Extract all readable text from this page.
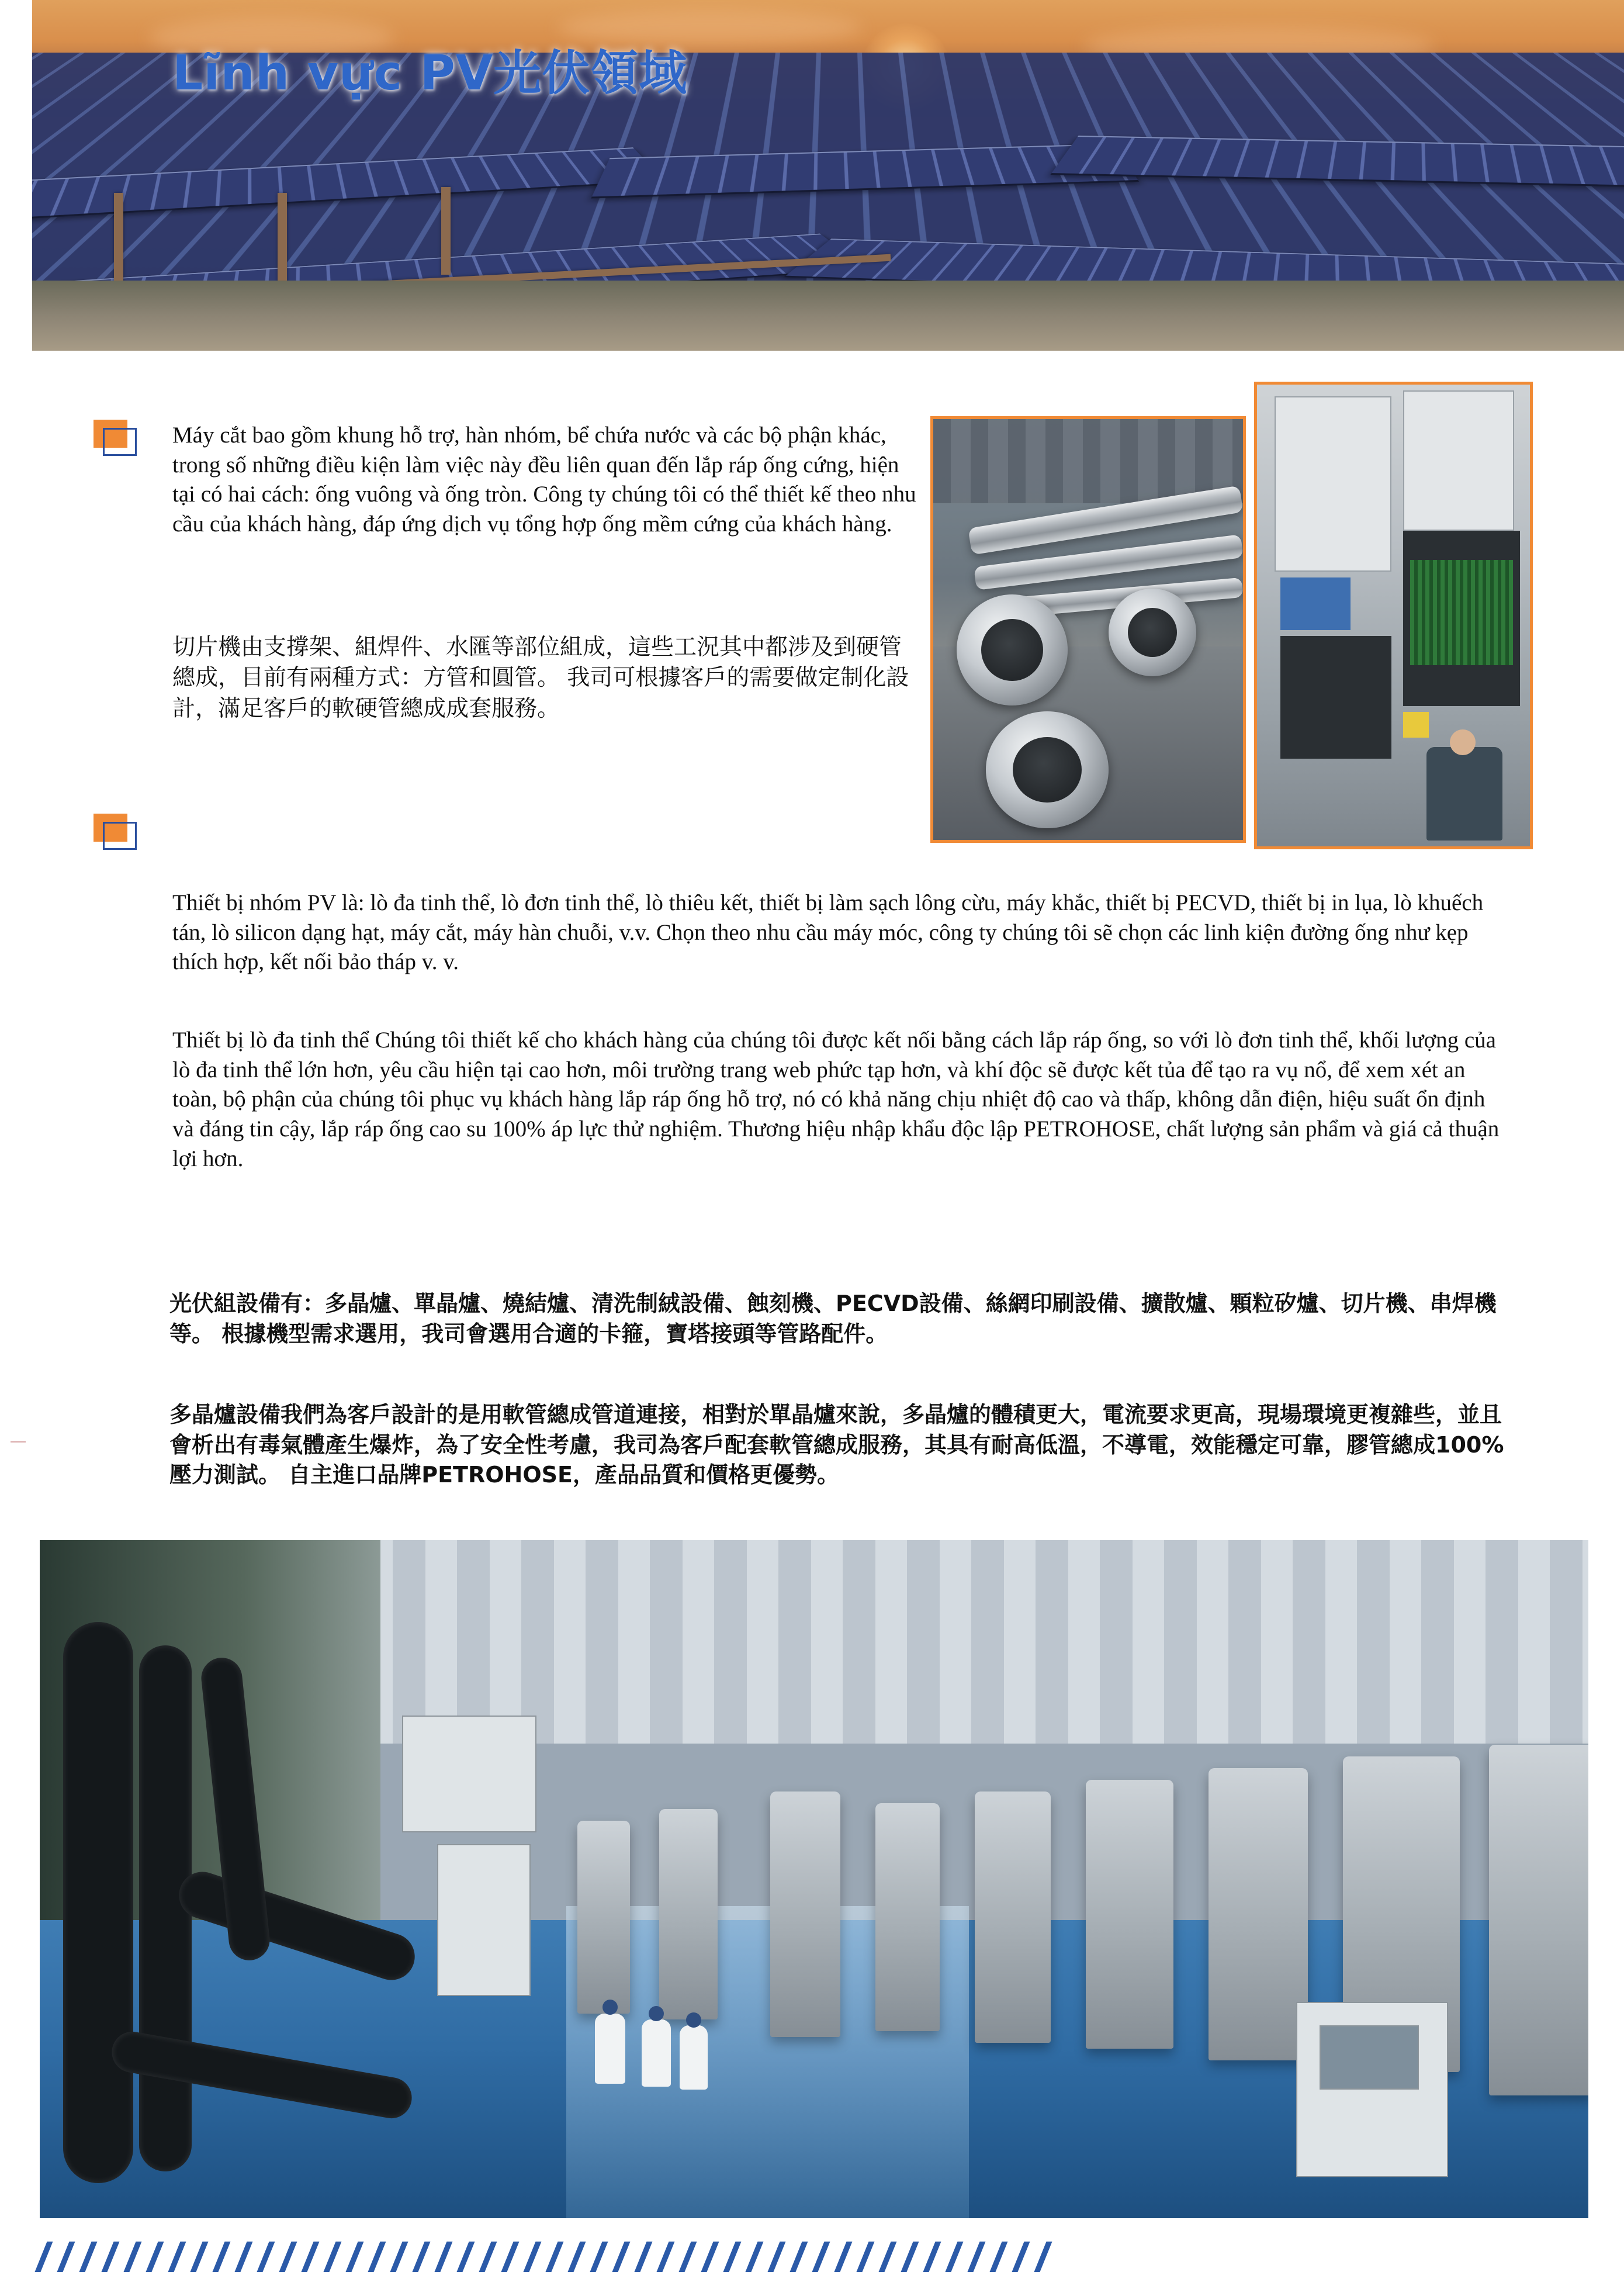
Lĩnh vực PV光伏領域
Máy cắt bao gồm khung hỗ trợ, hàn nhóm, bể chứa nước và các bộ phận khác, trong số những điều kiện làm việc này đều liên quan đến lắp ráp ống cứng, hiện tại có hai cách: ống vuông và ống tròn. Công ty chúng tôi có thể thiết kế theo nhu cầu của khách hàng, đáp ứng dịch vụ tổng hợp ống mềm cứng của khách hàng.
切片機由支撐架、組焊件、水匯等部位組成，這些工況其中都涉及到硬管總成，目前有兩種方式：方管和圓管。 我司可根據客戶的需要做定制化設計，滿足客戶的軟硬管總成成套服務。
Thiết bị nhóm PV là: lò đa tinh thể, lò đơn tinh thể, lò thiêu kết, thiết bị làm sạch lông cừu, máy khắc, thiết bị PECVD, thiết bị in lụa, lò khuếch tán, lò silicon dạng hạt, máy cắt, máy hàn chuỗi, v.v. Chọn theo nhu cầu máy móc, công ty chúng tôi sẽ chọn các linh kiện đường ống như kẹp thích hợp, kết nối bảo tháp v. v.
Thiết bị lò đa tinh thể Chúng tôi thiết kế cho khách hàng của chúng tôi được kết nối bằng cách lắp ráp ống, so với lò đơn tinh thể, khối lượng của lò đa tinh thể lớn hơn, yêu cầu hiện tại cao hơn, môi trường trang web phức tạp hơn, và khí độc sẽ được kết tủa để tạo ra vụ nổ, để xem xét an toàn, bộ phận của chúng tôi phục vụ khách hàng lắp ráp ống hỗ trợ, nó có khả năng chịu nhiệt độ cao và thấp, không dẫn điện, hiệu suất ổn định và đáng tin cậy, lắp ráp ống cao su 100% áp lực thử nghiệm. Thương hiệu nhập khẩu độc lập PETROHOSE, chất lượng sản phẩm và giá cả thuận lợi hơn.
光伏組設備有：多晶爐、單晶爐、燒結爐、清洗制絨設備、蝕刻機、PECVD設備、絲網印刷設備、擴散爐、顆粒矽爐、切片機、串焊機等。 根據機型需求選用，我司會選用合適的卡箍，寶塔接頭等管路配件。
多晶爐設備我們為客戶設計的是用軟管總成管道連接，相對於單晶爐來說，多晶爐的體積更大，電流要求更高，現場環境更複雜些，並且會析出有毒氣體產生爆炸，為了安全性考慮，我司為客戶配套軟管總成服務，其具有耐高低溫，不導電，效能穩定可靠，膠管總成100%壓力測試。 自主進口品牌PETROHOSE，產品品質和價格更優勢。
